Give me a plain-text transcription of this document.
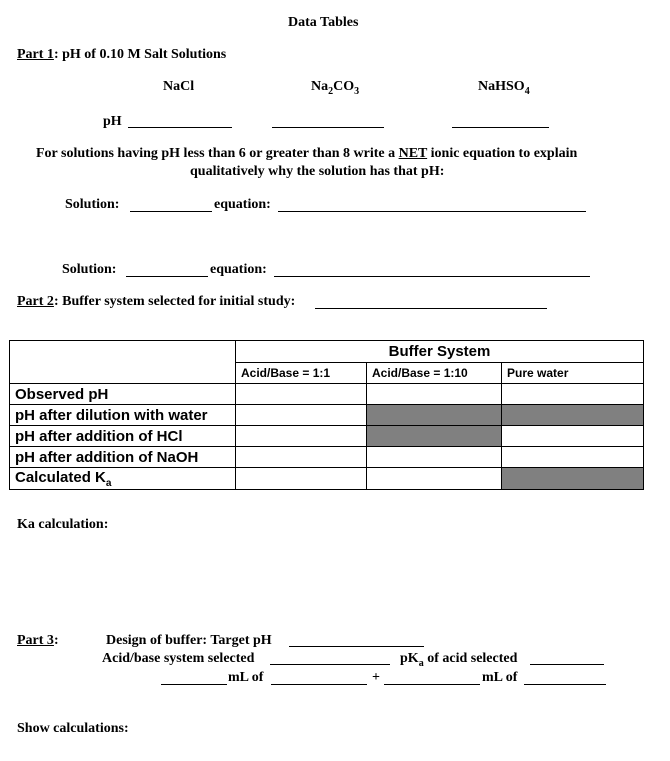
Data Tables
Part 1: pH of 0.10 M Salt Solutions
NaCl	$Na_2CO_3$	NaHSO$_4$
pH
For solutions having pH less than 6 or greater than 8 write a NET ionic equation to explain
qualitatively why the solution has that pH:
Solution:	equation:
Solution:	equation:
Part 2: Buffer system selected for initial study:
	Buffer System		
	Acid/Base = 1:1	Acid/Base = 1:10	Pure water
Observed pH			
pH after dilution with water			
pH after addition of HCl			
pH after addition of NaOH			
Calculated $K_a$			
Ka calculation:
Part 3:	Design of buffer: Target pH
Acid/base system selected	$pK_a$ of acid selected
mL of	+	mL of
Show calculations:
